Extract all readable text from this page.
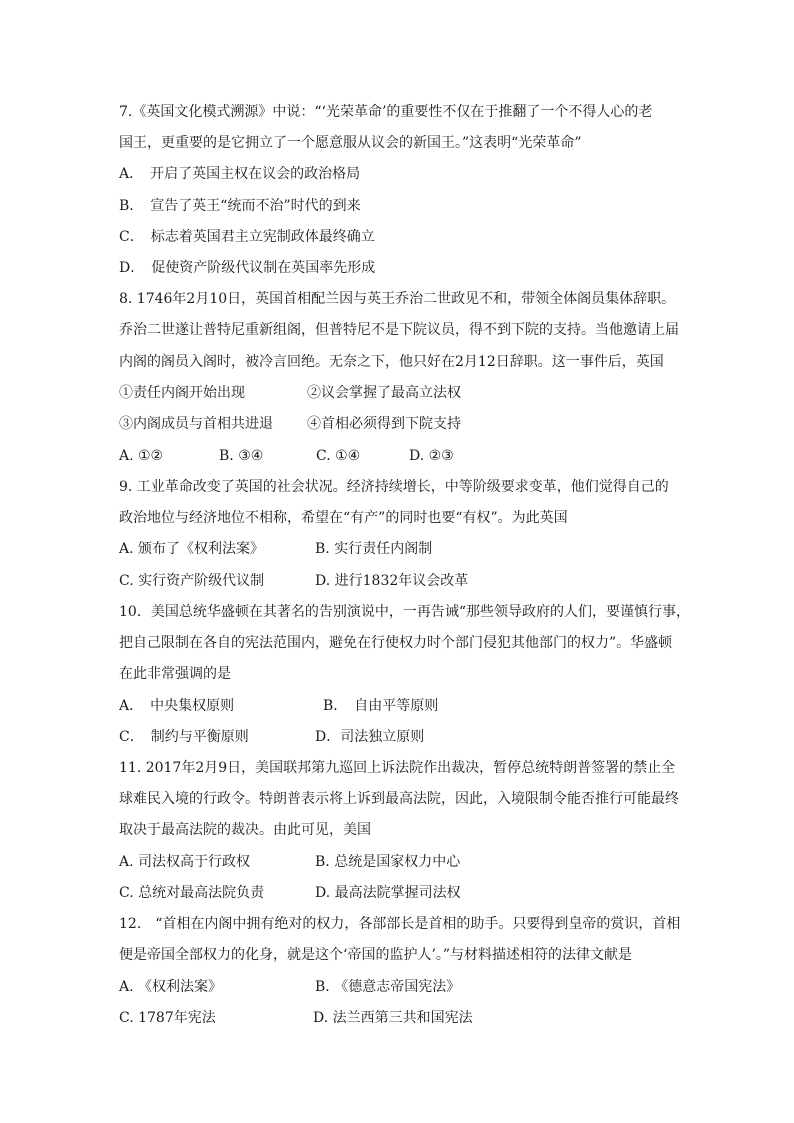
7.《英国文化模式溯源》中说：“‘光荣革命’的重要性不仅在于推翻了一个不得人心的老
国王，更重要的是它拥立了一个愿意服从议会的新国王。”这表明“光荣革命”
A．　开启了英国主权在议会的政治格局
B．　宣告了英王“统而不治”时代的到来
C．　标志着英国君主立宪制政体最终确立
D．　促使资产阶级代议制在英国率先形成
8. 1746年2月10日，英国首相配兰因与英王乔治二世政见不和，带领全体阁员集体辞职。
乔治二世遂让普特尼重新组阁，但普特尼不是下院议员，得不到下院的支持。当他邀请上届
内阁的阁员入阁时，被冷言回绝。无奈之下，他只好在2月12日辞职。这一事件后，英国
①责任内阁开始出现	②议会掌握了最高立法权
③内阁成员与首相共进退 ④首相必须得到下院支持
A. ①②	B. ③④	C. ①④	D. ②③
9. 工业革命改变了英国的社会状况。经济持续增长，中等阶级要求变革，他们觉得自己的
政治地位与经济地位不相称，希望在“有产”的同时也要“有权”。为此英国
A. 颁布了《权利法案》	B. 实行责任内阁制
C. 实行资产阶级代议制	D. 进行1832年议会改革
10．美国总统华盛顿在其著名的告别演说中，一再告诫“那些领导政府的人们，要谨慎行事，
把自己限制在各自的宪法范围内，避免在行使权力时个部门侵犯其他部门的权力”。华盛顿
在此非常强调的是
A．　中央集权原则	B．　自由平等原则
C．　制约与平衡原则	D．司法独立原则
11. 2017年2月9日，美国联邦第九巡回上诉法院作出裁决，暂停总统特朗普签署的禁止全
球难民入境的行政令。特朗普表示将上诉到最高法院，因此，入境限制令能否推行可能最终
取决于最高法院的裁决。由此可见，美国
A. 司法权高于行政权	B. 总统是国家权力中心
C. 总统对最高法院负责	D. 最高法院掌握司法权
12.　“首相在内阁中拥有绝对的权力，各部部长是首相的助手。只要得到皇帝的赏识，首相
便是帝国全部权力的化身，就是这个‘帝国的监护人’。”与材料描述相符的法律文献是
A. 《权利法案》	B. 《德意志帝国宪法》
C. 1787年宪法	D. 法兰西第三共和国宪法
